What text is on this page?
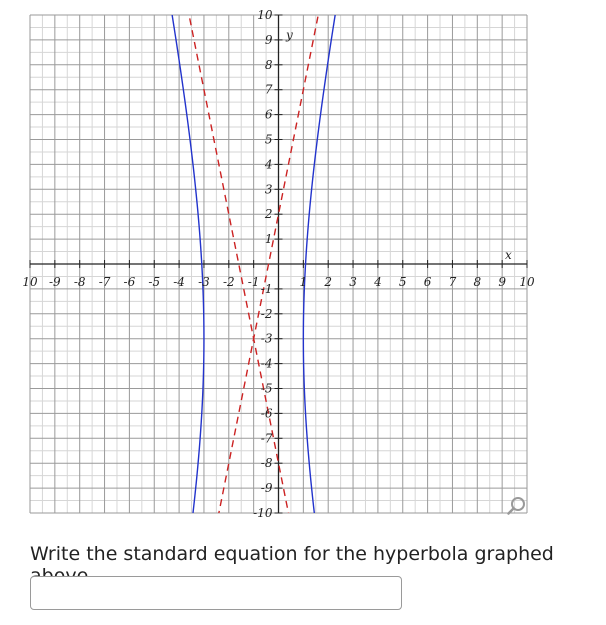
10 -9 -8 -7 -6 -5 -4 -3 -2 -1	1 2 3 4 5 6 7 8 9 10
-10
-9
-8
-7
-6
-5
-4
-3
-2
-1
1
2
3
4
5
6
7
8
9
10
x
y
Write the standard equation for the hyperbola graphed
